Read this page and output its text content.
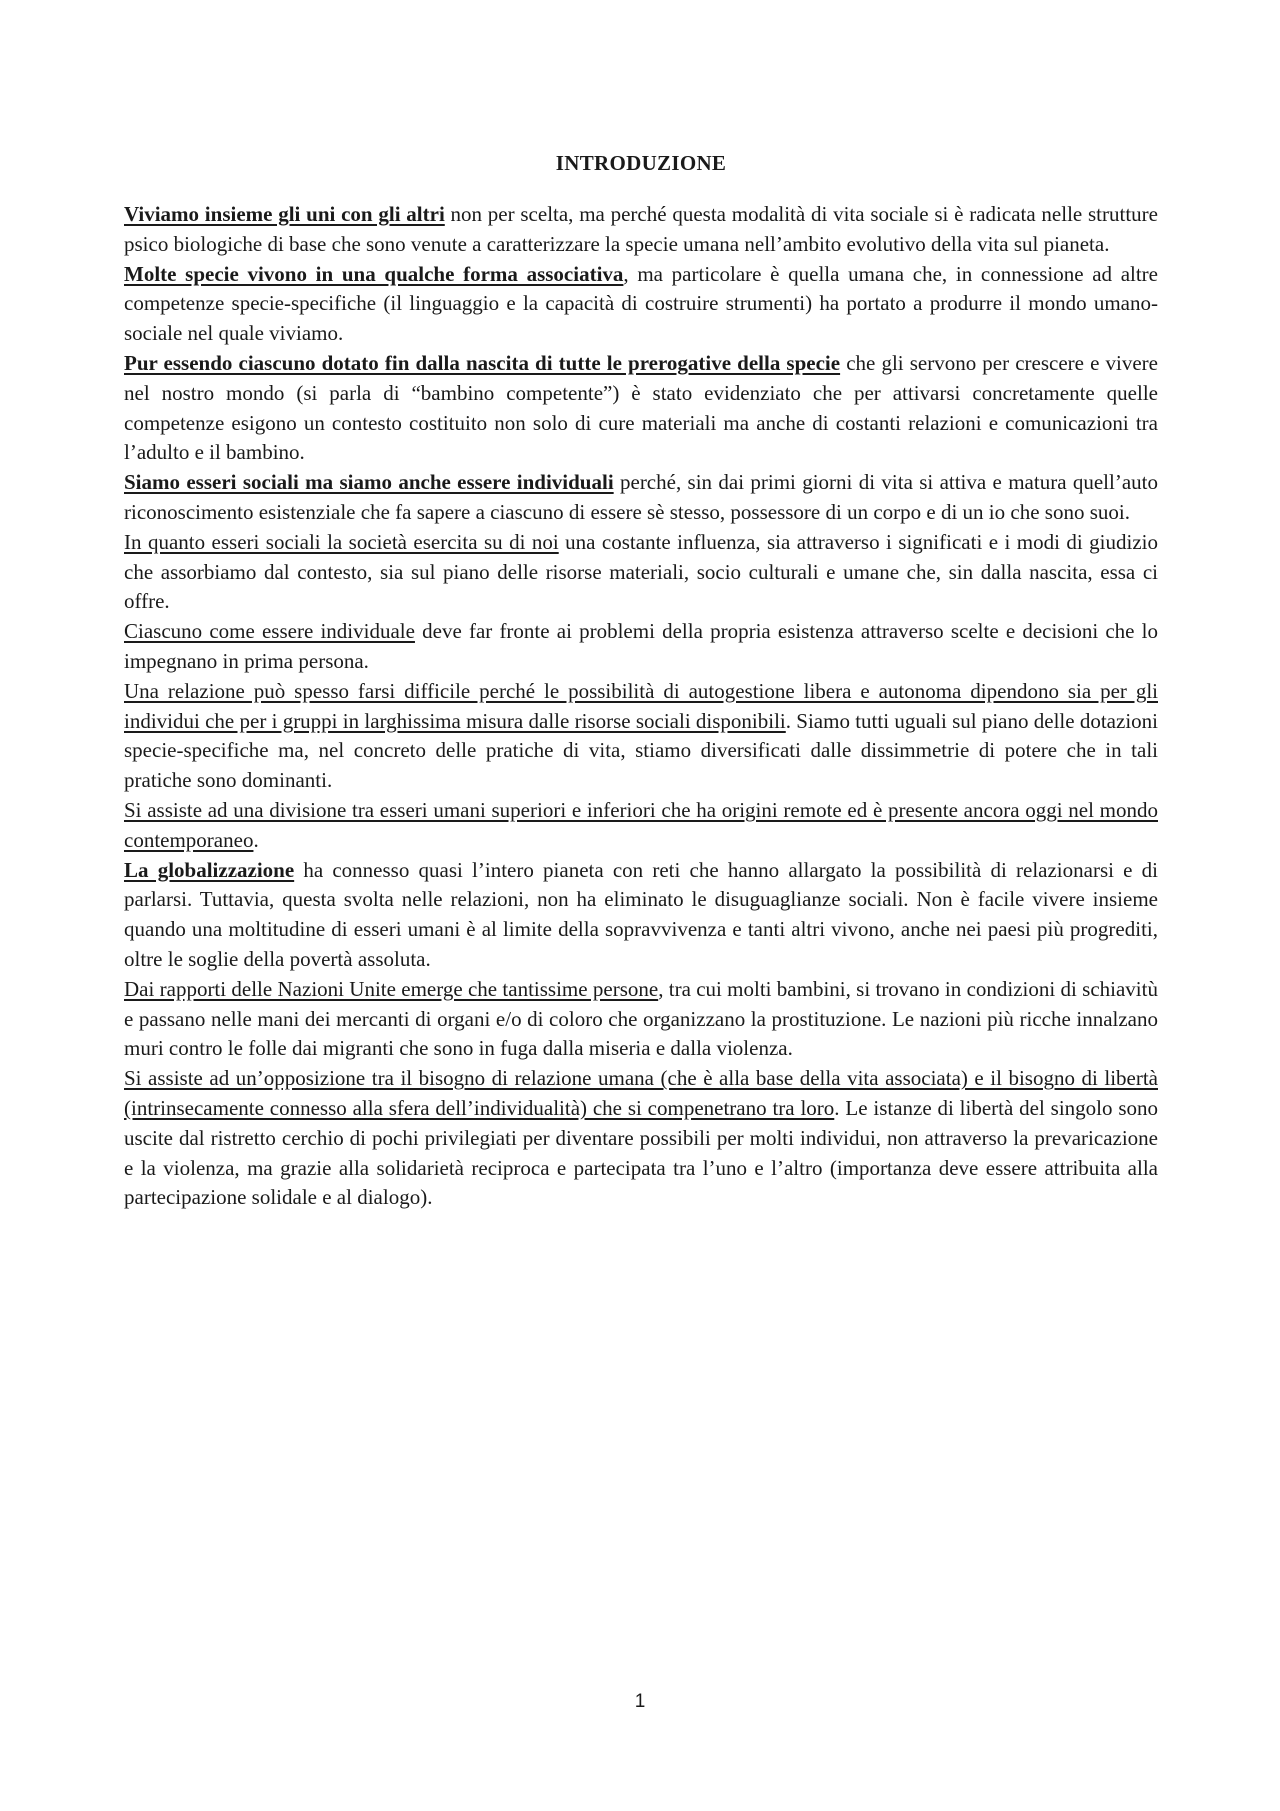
INTRODUZIONE

Viviamo insieme gli uni con gli altri non per scelta, ma perché questa modalità di vita sociale si è radicata nelle strutture psico biologiche di base che sono venute a caratterizzare la specie umana nell’ambito evolutivo della vita sul pianeta.

Molte specie vivono in una qualche forma associativa, ma particolare è quella umana che, in connessione ad altre competenze specie-specifiche (il linguaggio e la capacità di costruire strumenti) ha portato a produrre il mondo umano-sociale nel quale viviamo.

Pur essendo ciascuno dotato fin dalla nascita di tutte le prerogative della specie che gli servono per crescere e vivere nel nostro mondo (si parla di “bambino competente”) è stato evidenziato che per attivarsi concretamente quelle competenze esigono un contesto costituito non solo di cure materiali ma anche di costanti relazioni e comunicazioni tra l’adulto e il bambino.

Siamo esseri sociali ma siamo anche essere individuali perché, sin dai primi giorni di vita si attiva e matura quell’auto riconoscimento esistenziale che fa sapere a ciascuno di essere sè stesso, possessore di un corpo e di un io che sono suoi.

In quanto esseri sociali la società esercita su di noi una costante influenza, sia attraverso i significati e i modi di giudizio che assorbiamo dal contesto, sia sul piano delle risorse materiali, socio culturali e umane che, sin dalla nascita, essa ci offre.

Ciascuno come essere individuale deve far fronte ai problemi della propria esistenza attraverso scelte e decisioni che lo impegnano in prima persona.

Una relazione può spesso farsi difficile perché le possibilità di autogestione libera e autonoma dipendono sia per gli individui che per i gruppi in larghissima misura dalle risorse sociali disponibili. Siamo tutti uguali sul piano delle dotazioni specie-specifiche ma, nel concreto delle pratiche di vita, stiamo diversificati dalle dissimmetrie di potere che in tali pratiche sono dominanti.

Si assiste ad una divisione tra esseri umani superiori e inferiori che ha origini remote ed è presente ancora oggi nel mondo contemporaneo.

La globalizzazione ha connesso quasi l’intero pianeta con reti che hanno allargato la possibilità di relazionarsi e di parlarsi. Tuttavia, questa svolta nelle relazioni, non ha eliminato le disuguaglianze sociali. Non è facile vivere insieme quando una moltitudine di esseri umani è al limite della sopravvivenza e tanti altri vivono, anche nei paesi più progrediti, oltre le soglie della povertà assoluta.

Dai rapporti delle Nazioni Unite emerge che tantissime persone, tra cui molti bambini, si trovano in condizioni di schiavitù e passano nelle mani dei mercanti di organi e/o di coloro che organizzano la prostituzione. Le nazioni più ricche innalzano muri contro le folle dai migranti che sono in fuga dalla miseria e dalla violenza.

Si assiste ad un’opposizione tra il bisogno di relazione umana (che è alla base della vita associata) e il bisogno di libertà (intrinsecamente connesso alla sfera dell’individualità) che si compenetrano tra loro. Le istanze di libertà del singolo sono uscite dal ristretto cerchio di pochi privilegiati per diventare possibili per molti individui, non attraverso la prevaricazione e la violenza, ma grazie alla solidarietà reciproca e partecipata tra l’uno e l’altro (importanza deve essere attribuita alla partecipazione solidale e al dialogo).

1
